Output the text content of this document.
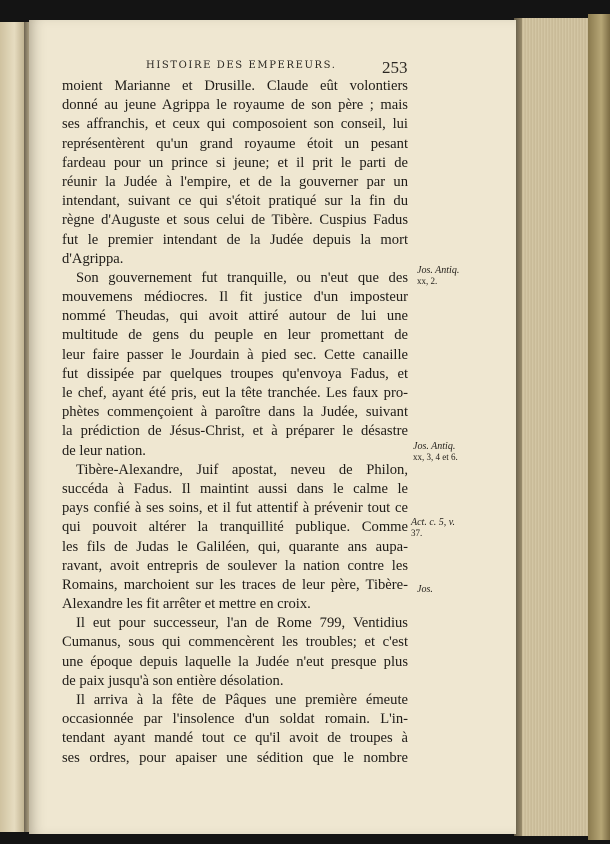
HISTOIRE DES EMPEREURS.	253
moient Marianne et Drusille. Claude eût volontiers
donné au jeune Agrippa le royaume de son père ; mais
ses affranchis, et ceux qui composoient son conseil, lui
représentèrent qu'un grand royaume étoit un pesant
fardeau pour un prince si jeune; et il prit le parti de
réunir la Judée à l'empire, et de la gouverner par un
intendant, suivant ce qui s'étoit pratiqué sur la fin du
règne d'Auguste et sous celui de Tibère. Cuspius Fadus
fut le premier intendant de la Judée depuis la mort
d'Agrippa.
Son gouvernement fut tranquille, ou n'eut que des
mouvemens médiocres. Il fit justice d'un imposteur
nommé Theudas, qui avoit attiré autour de lui une
multitude de gens du peuple en leur promettant de
leur faire passer le Jourdain à pied sec. Cette canaille
fut dissipée par quelques troupes qu'envoya Fadus, et
le chef, ayant été pris, eut la tête tranchée. Les faux pro-
phètes commençoient à paroître dans la Judée, suivant
la prédiction de Jésus-Christ, et à préparer le désastre
de leur nation.
Tibère-Alexandre, Juif apostat, neveu de Philon,
succéda à Fadus. Il maintint aussi dans le calme le
pays confié à ses soins, et il fut attentif à prévenir tout ce
qui pouvoit altérer la tranquillité publique. Comme
les fils de Judas le Galiléen, qui, quarante ans aupa-
ravant, avoit entrepris de soulever la nation contre les
Romains, marchoient sur les traces de leur père, Tibère-
Alexandre les fit arrêter et mettre en croix.
Il eut pour successeur, l'an de Rome 799, Ventidius
Cumanus, sous qui commencèrent les troubles; et c'est
une époque depuis laquelle la Judée n'eut presque plus
de paix jusqu'à son entière désolation.
Il arriva à la fête de Pâques une première émeute
occasionnée par l'insolence d'un soldat romain. L'in-
tendant ayant mandé tout ce qu'il avoit de troupes à
ses ordres, pour apaiser une sédition que le nombre
Jos. Antiq.
xx, 2.
Jos. Antiq.
xx, 3, 4 et 6.
Act. c. 5, v.
37.
Jos.
